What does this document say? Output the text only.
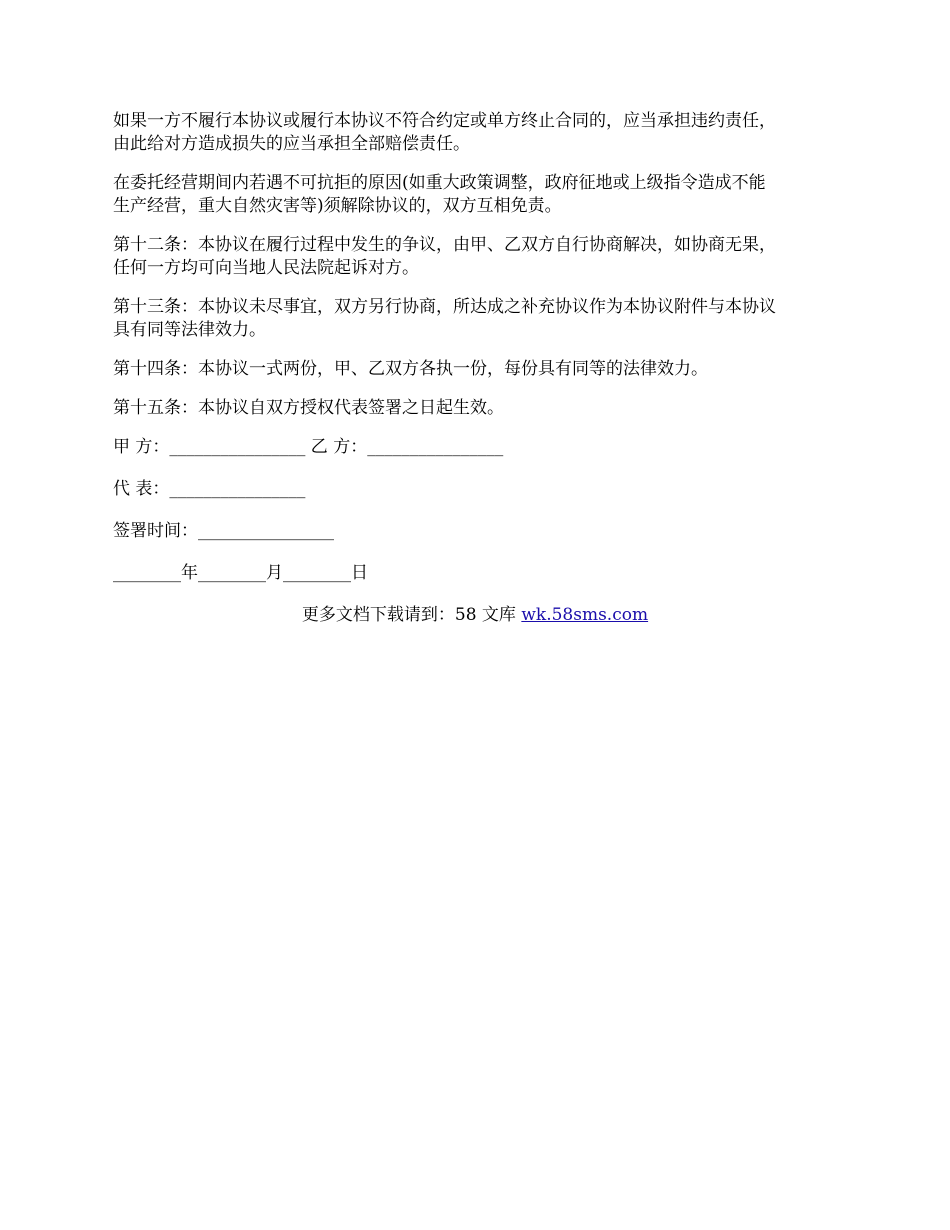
如果一方不履行本协议或履行本协议不符合约定或单方终止合同的，应当承担违约责任，
由此给对方造成损失的应当承担全部赔偿责任。
在委托经营期间内若遇不可抗拒的原因(如重大政策调整，政府征地或上级指令造成不能
生产经营，重大自然灾害等)须解除协议的，双方互相免责。
第十二条：本协议在履行过程中发生的争议，由甲、乙双方自行协商解决，如协商无果，
任何一方均可向当地人民法院起诉对方。
第十三条：本协议未尽事宜，双方另行协商，所达成之补充协议作为本协议附件与本协议
具有同等法律效力。
第十四条：本协议一式两份，甲、乙双方各执一份，每份具有同等的法律效力。
第十五条：本协议自双方授权代表签署之日起生效。
甲 方：________________ 乙 方：________________
代 表：________________
签署时间：________________
________年________月________日
更多文档下载请到：58 文库 wk.58sms.com
